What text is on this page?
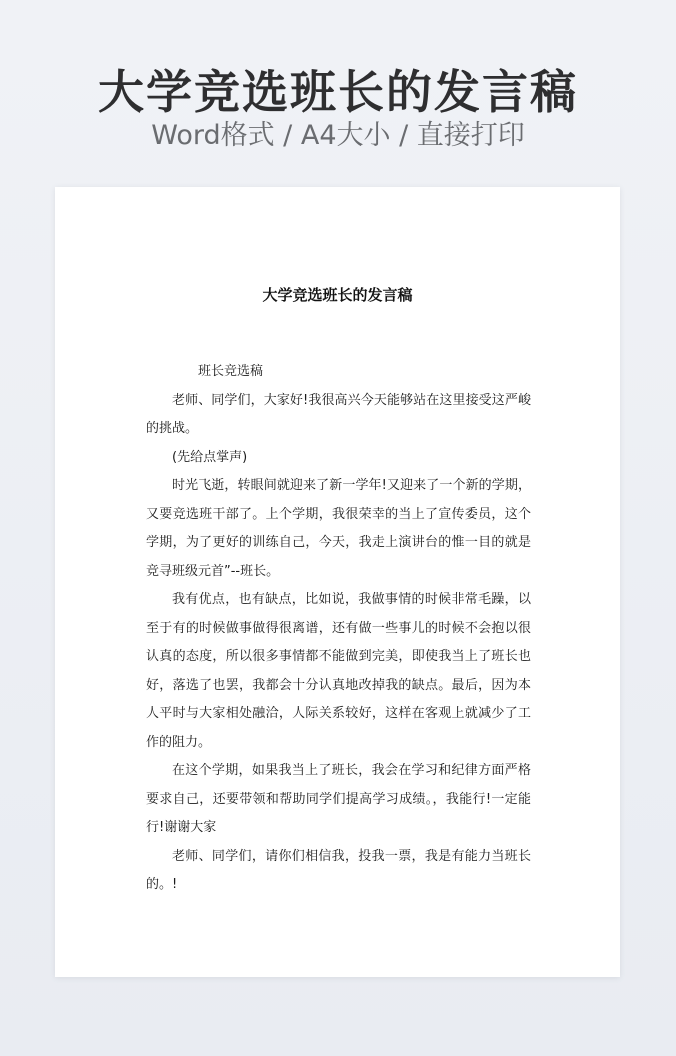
大学竞选班长的发言稿
Word格式 / A4大小 / 直接打印
大学竞选班长的发言稿

班长竞选稿

老师、同学们，大家好!我很高兴今天能够站在这里接受这严峻的挑战。

(先给点掌声)

时光飞逝，转眼间就迎来了新一学年!又迎来了一个新的学期，又要竞选班干部了。上个学期，我很荣幸的当上了宣传委员，这个学期，为了更好的训练自己，今天，我走上演讲台的惟一目的就是竞寻班级元首”--班长。

我有优点，也有缺点，比如说，我做事情的时候非常毛躁，以至于有的时候做事做得很离谱，还有做一些事儿的时候不会抱以很认真的态度，所以很多事情都不能做到完美，即使我当上了班长也好，落选了也罢，我都会十分认真地改掉我的缺点。最后，因为本人平时与大家相处融洽，人际关系较好，这样在客观上就减少了工作的阻力。

在这个学期，如果我当上了班长，我会在学习和纪律方面严格要求自己，还要带领和帮助同学们提高学习成绩。，我能行!一定能行!谢谢大家

老师、同学们，请你们相信我，投我一票，我是有能力当班长的。!
